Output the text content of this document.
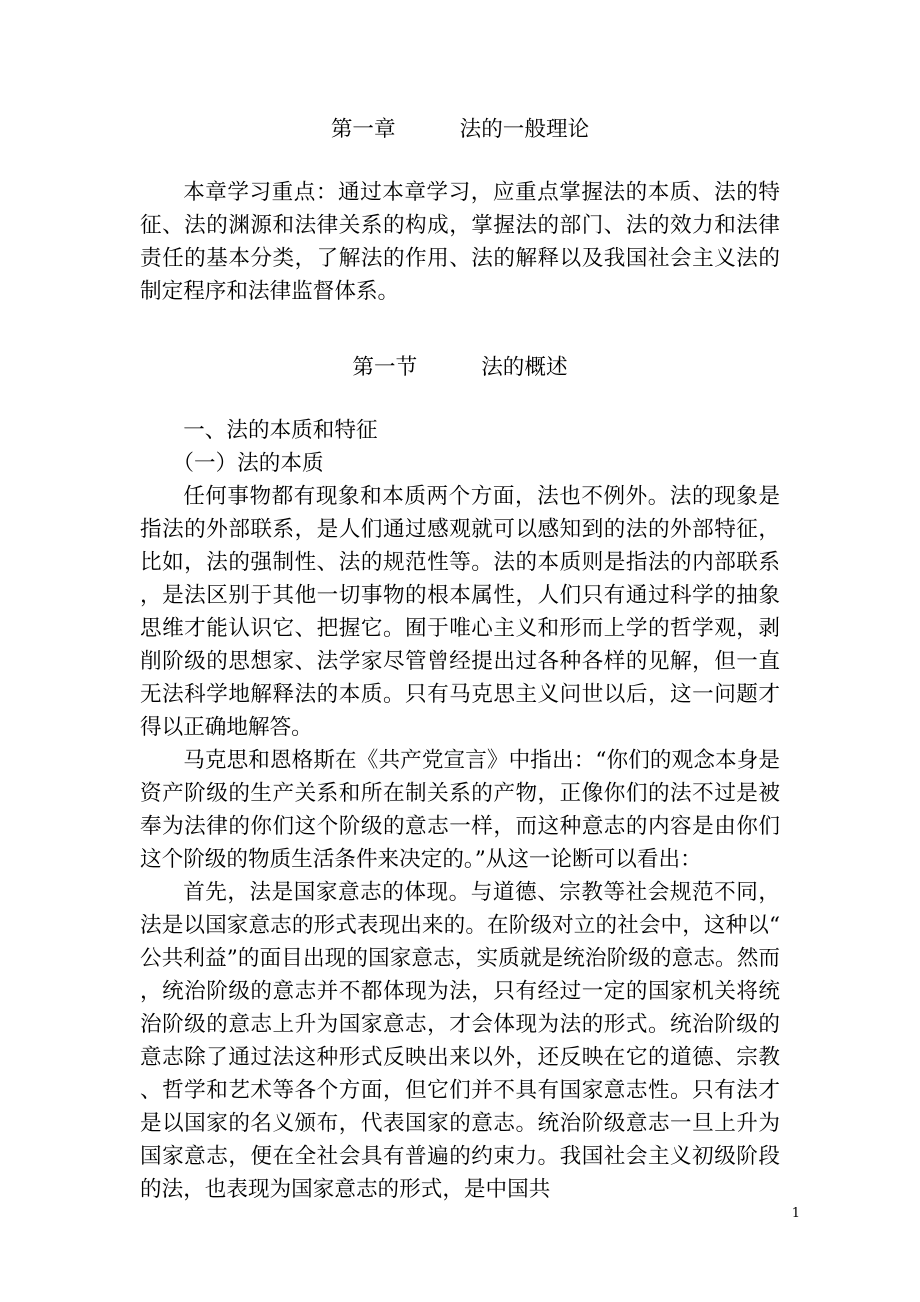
第一章	法的一般理论

本章学习重点：通过本章学习，应重点掌握法的本质、法的特征、法的渊源和法律关系的构成，掌握法的部门、法的效力和法律责任的基本分类，了解法的作用、法的解释以及我国社会主义法的制定程序和法律监督体系。

第一节	法的概述

一、法的本质和特征

（一）法的本质

任何事物都有现象和本质两个方面，法也不例外。法的现象是指法的外部联系，是人们通过感观就可以感知到的法的外部特征，比如，法的强制性、法的规范性等。法的本质则是指法的内部联系，是法区别于其他一切事物的根本属性，人们只有通过科学的抽象思维才能认识它、把握它。囿于唯心主义和形而上学的哲学观，剥削阶级的思想家、法学家尽管曾经提出过各种各样的见解，但一直无法科学地解释法的本质。只有马克思主义问世以后，这一问题才得以正确地解答。

马克思和恩格斯在《共产党宣言》中指出：“你们的观念本身是资产阶级的生产关系和所在制关系的产物，正像你们的法不过是被奉为法律的你们这个阶级的意志一样，而这种意志的内容是由你们这个阶级的物质生活条件来决定的。”从这一论断可以看出：

首先，法是国家意志的体现。与道德、宗教等社会规范不同，法是以国家意志的形式表现出来的。在阶级对立的社会中，这种以“公共利益”的面目出现的国家意志，实质就是统治阶级的意志。然而，统治阶级的意志并不都体现为法，只有经过一定的国家机关将统治阶级的意志上升为国家意志，才会体现为法的形式。统治阶级的意志除了通过法这种形式反映出来以外，还反映在它的道德、宗教、哲学和艺术等各个方面，但它们并不具有国家意志性。只有法才是以国家的名义颁布，代表国家的意志。统治阶级意志一旦上升为国家意志，便在全社会具有普遍的约束力。我国社会主义初级阶段的法，也表现为国家意志的形式，是中国共

1
